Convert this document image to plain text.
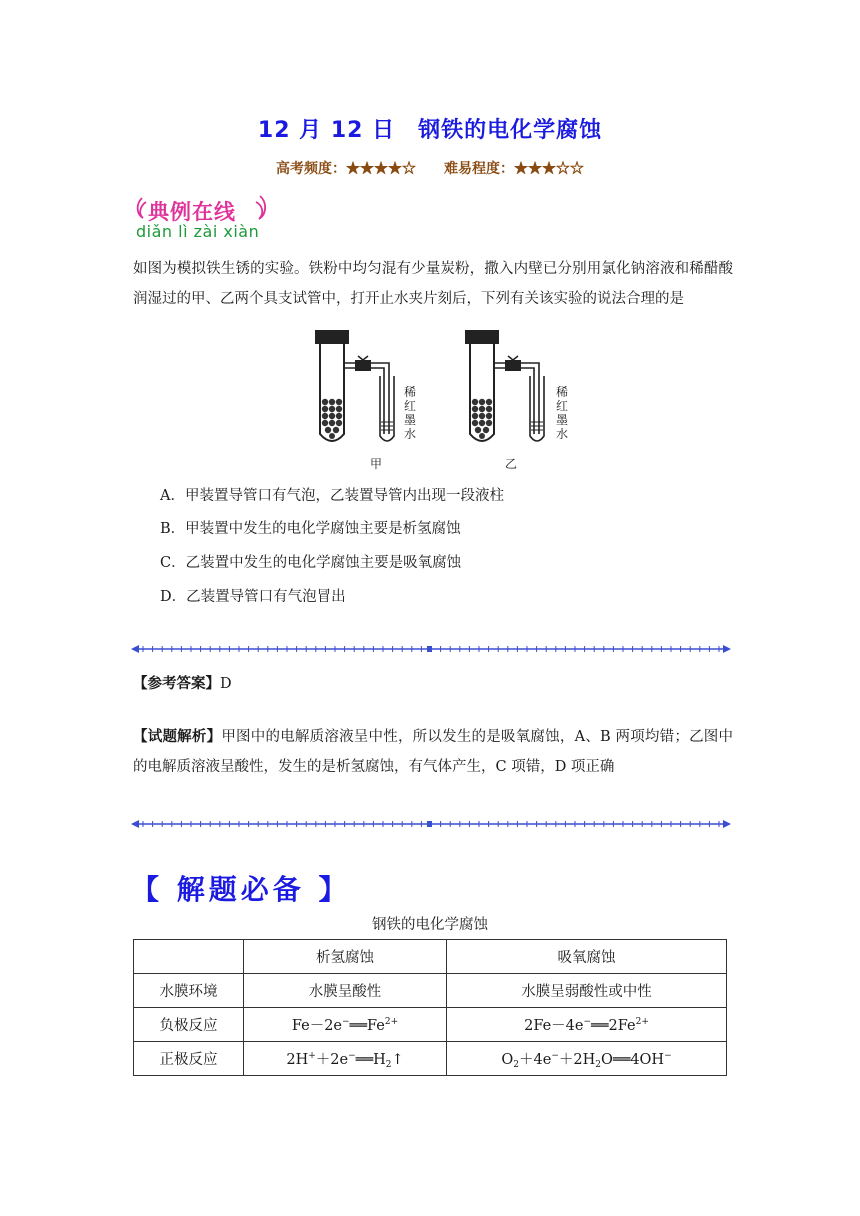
12 月 12 日　钢铁的电化学腐蚀
高考频度：★★★★☆　　 难易程度：★★★☆☆
典例在线
diǎn lì zài xiàn
如图为模拟铁生锈的实验。铁粉中均匀混有少量炭粉，撒入内壁已分别用氯化钠溶液和稀醋酸润湿过的甲、乙两个具支试管中，打开止水夹片刻后，下列有关该实验的说法合理的是
稀
红
墨
水
稀
红
墨
水
甲	乙
A．甲装置导管口有气泡，乙装置导管内出现一段液柱
B．甲装置中发生的电化学腐蚀主要是析氢腐蚀
C．乙装置中发生的电化学腐蚀主要是吸氧腐蚀
D．乙装置导管口有气泡冒出
【参考答案】D
【试题解析】甲图中的电解质溶液呈中性，所以发生的是吸氧腐蚀，A、B 两项均错；乙图中的电解质溶液呈酸性，发生的是析氢腐蚀，有气体产生，C 项错，D 项正确
【 解题必备 】
钢铁的电化学腐蚀
	析氢腐蚀	吸氧腐蚀
水膜环境	水膜呈酸性	水膜呈弱酸性或中性
负极反应	$Fe-2e^-══Fe^{2+}$	$2Fe-4e^-══2Fe^{2+}$
正极反应	$2H^++2e^-══H_2↑$	$O_2+4e^-+2H_2O══4OH^-$
